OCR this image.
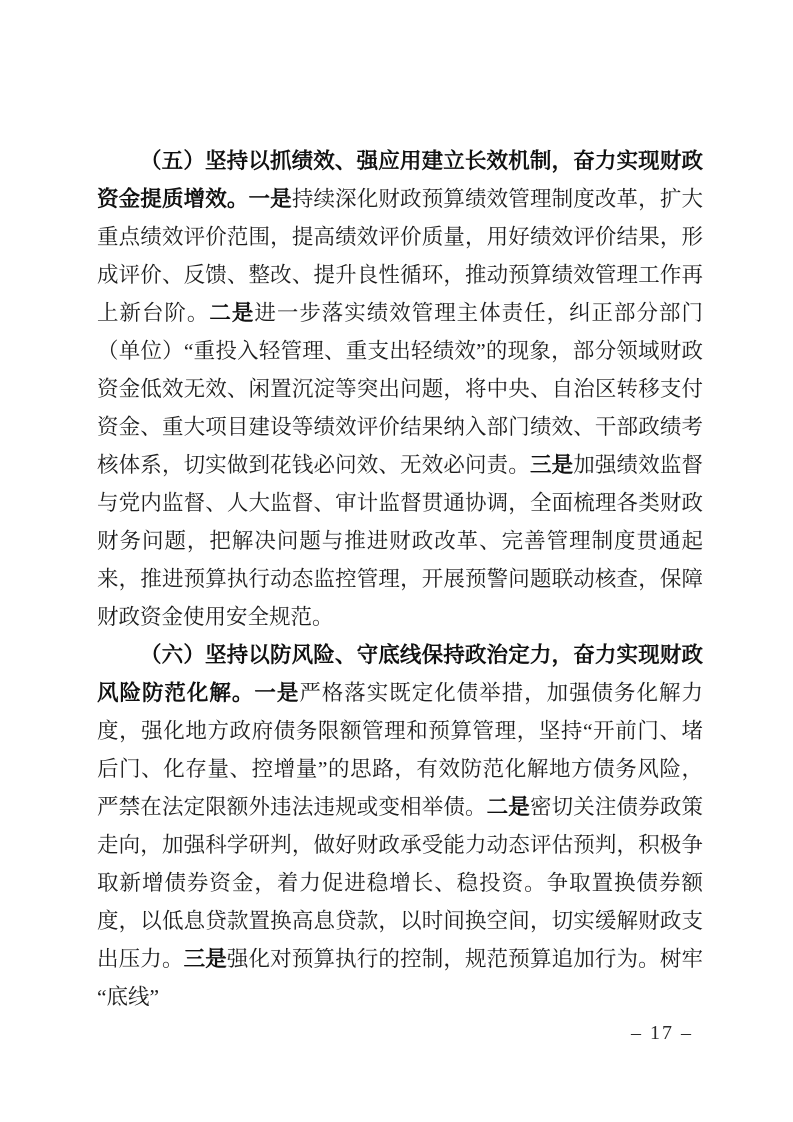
（五）坚持以抓绩效、强应用建立长效机制，奋力实现财政资金提质增效。一是持续深化财政预算绩效管理制度改革，扩大重点绩效评价范围，提高绩效评价质量，用好绩效评价结果，形成评价、反馈、整改、提升良性循环，推动预算绩效管理工作再上新台阶。二是进一步落实绩效管理主体责任，纠正部分部门（单位）“重投入轻管理、重支出轻绩效”的现象，部分领域财政资金低效无效、闲置沉淀等突出问题，将中央、自治区转移支付资金、重大项目建设等绩效评价结果纳入部门绩效、干部政绩考核体系，切实做到花钱必问效、无效必问责。三是加强绩效监督与党内监督、人大监督、审计监督贯通协调，全面梳理各类财政财务问题，把解决问题与推进财政改革、完善管理制度贯通起来，推进预算执行动态监控管理，开展预警问题联动核查，保障财政资金使用安全规范。

（六）坚持以防风险、守底线保持政治定力，奋力实现财政风险防范化解。一是严格落实既定化债举措，加强债务化解力度，强化地方政府债务限额管理和预算管理，坚持“开前门、堵后门、化存量、控增量”的思路，有效防范化解地方债务风险，严禁在法定限额外违法违规或变相举债。二是密切关注债券政策走向，加强科学研判，做好财政承受能力动态评估预判，积极争取新增债券资金，着力促进稳增长、稳投资。争取置换债券额度，以低息贷款置换高息贷款，以时间换空间，切实缓解财政支出压力。三是强化对预算执行的控制，规范预算追加行为。树牢“底线”

– 17 –
